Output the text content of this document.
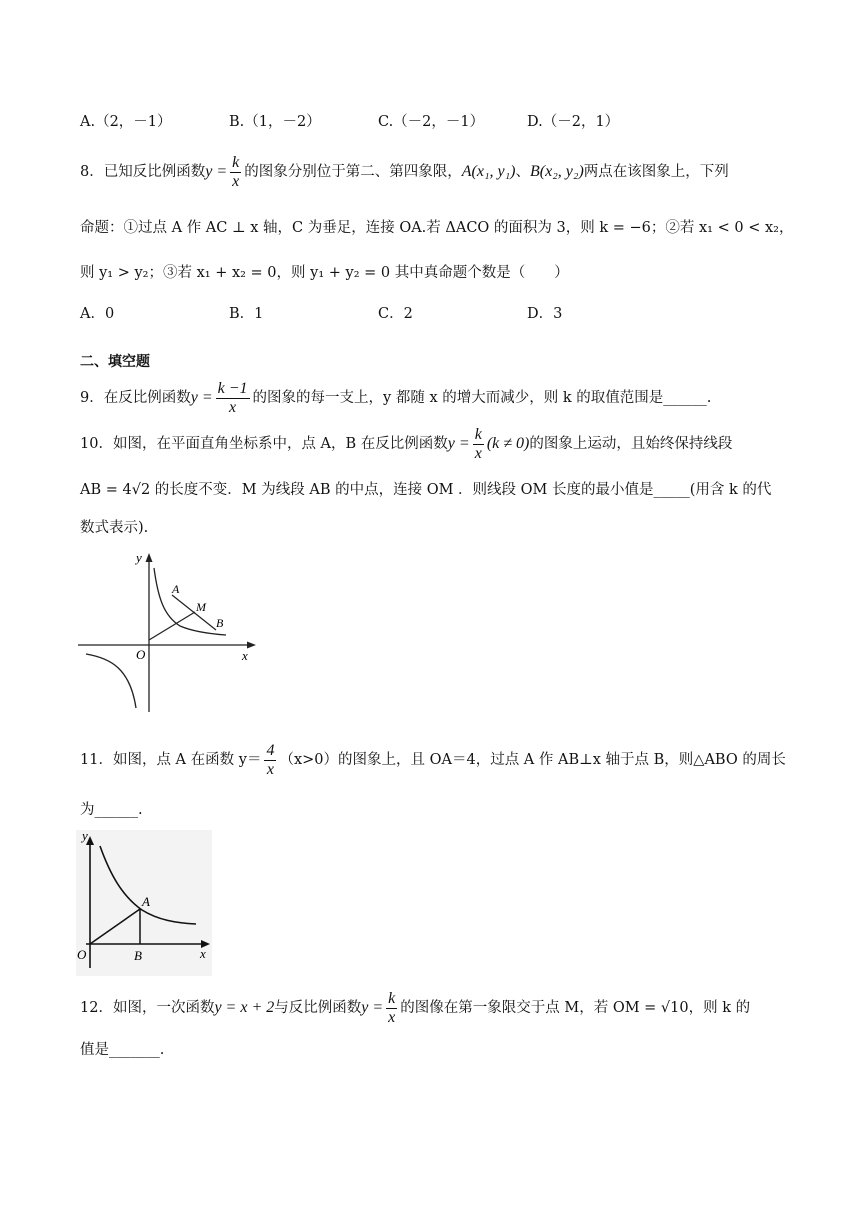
A.（2，－1）	B.（1，－2）	C.（－2，－1）	D.（－2，1）
8．已知反比例函数$y = \frac{k}{x}$ 的图象分别位于第二、第四象限，A(x₁, y₁)、B(x₂, y₂)两点在该图象上，下列
命题：①过点 A 作 AC ⊥ x 轴，C 为垂足，连接 OA.若 ΔACO 的面积为 3，则 k = −6；②若 x₁ < 0 < x₂，
则 y₁ > y₂；③若 x₁ + x₂ = 0，则 y₁ + y₂ = 0 其中真命题个数是（　　）
A．0	B．1	C．2	D．3
二、填空题
9．在反比例函数$y = \frac{k -1}{x}$ 的图象的每一支上，y 都随 x 的增大而减少，则 k 的取值范围是______.
10．如图，在平面直角坐标系中，点 A，B 在反比例函数$y = \frac{k}{x} (k \ne 0)$的图象上运动，且始终保持线段
AB = 4√2 的长度不变．M 为线段 AB 的中点，连接 OM ．则线段 OM 长度的最小值是_____(用含 k 的代
数式表示).
y
x
O
A
M
B
11．如图，点 A 在函数 $y= \frac{4}{x} (x>0)$的图象上，且 OA＝4，过点 A 作 AB⊥x 轴于点 B，则△ABO 的周长
为______.
y
x
O
A
B
12．如图，一次函数y = x + 2与反比例函数$y = \frac{k}{x}$ 的图像在第一象限交于点 M，若 OM = √10，则 k 的
值是_______.
